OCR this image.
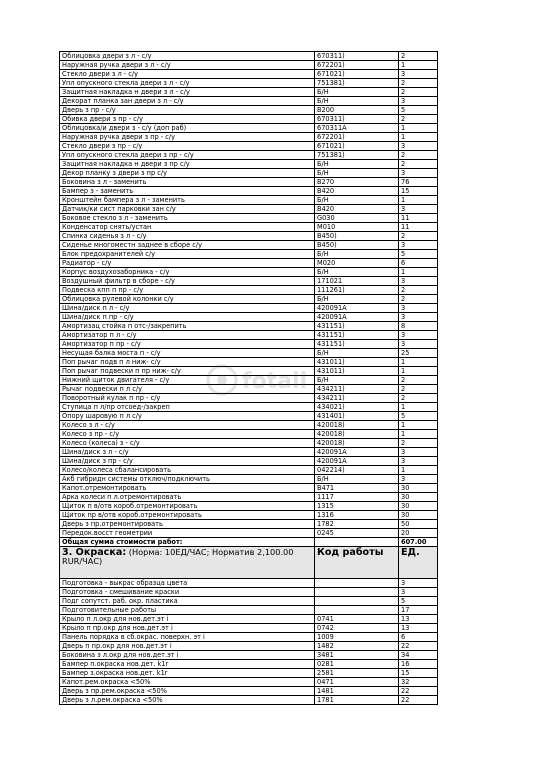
Облицовка двери з л - с/у	670311)	2
Наружная ручка двери з л - с/у	672201)	1
Стекло двери з л - с/у	671021)	3
Упл опускного стекла двери з л - с/у	751381)	2
Защитная накладка н двери з л - с/у	Б/Н	2
Декорат планка зан двери з л - с/у	Б/Н	3
Дверь з пр - с/у	B200	5
Обивка двери з пр - с/у	670311)	2
Облицовка/и двери з - с/у (доп раб)	670311A	1
Наружная ручка двери з пр - с/у	672201)	1
Стекло двери з пр - с/у	671021)	3
Упл опускного стекла двери з пр - с/у	751381)	2
Защитная накладка н двери з пр с/у	Б/Н	2
Декор планку з двери з пр с/у	Б/Н	3
Боковина з л - заменить	B270	76
Бампер з - заменить	B420	15
Кронштейн бампера з л - заменить	Б/Н	1
Датчик/ки сист парковки зан с/у	B420	3
Боковое стекло з л - заменить	G030	11
Конденсатор снять/устан	M010	11
Спинка сиденья з л - с/у	B450)	2
Сиденье многоместн заднее в сборе с/у	B450)	3
Блок предохранителей с/у	Б/Н	5
Радиатор - с/у	M020	6
Корпус воздухозаборника - с/у	Б/Н	1
Воздушный фильтр в сборе - с/у	171021	3
Подвеска кпп п пр - с/у	111261)	2
Облицовка рулевой колонки с/у	Б/Н	2
Шина/диск п л - с/у	420091A	3
Шина/диск п пр - с/у	420091A	3
Амортизац стойка п отс-/закрепить	431151)	8
Амортизатор п л - с/у	431151)	3
Амортизатор п пр - с/у	431151)	3
Несущая балка моста п - с/у	Б/Н	25
Поп рычаг подв п л ниж- с/у	431011)	1
Поп рычаг подвески п пр ниж- с/у	431011)	1
Нижний щиток двигателя - с/у	Б/Н	2
Рычаг подвески п л с/у	434211)	2
Поворотный кулак п пр - с/у	434211)	2
Ступица п л/пр отсоед-/закреп	434021)	1
Опору шаровую п л с/у	431401)	5
Колесо з л - с/у	420018)	1
Колесо з пр - с/у	420018)	1
Колесо (колеса) з - с/у	420018)	2
Шина/диск з л - с/у	420091A	3
Шина/диск з пр - с/у	420091A	3
Колесо/колеса сбалансировать	042214)	1
Акб гибридн системы отключ/подключить	Б/Н	3
Капот.отремонтировать	B471	30
Арка колеси п л.отремонтировать	1117	30
Щиток п в/отв короб.отремонтировать	1315	30
Щиток пр в/отв короб.отремонтировать	1316	30
Дверь з пр.отремонтировать	1782	50
Передок.восст геометрии	0245	20
Общая сумма стоимости работ:		607.00
3. Окраска: (Норма: 10ЕД/ЧАС; Норматив 2,100.00 RUR/ЧАС)	Код работы	ЕД.
Подготовка - выкрас образца цвета		3
Подготовка - смешивание краски		3
Подг сопутст. раб. окр. пластика		5
Подготовительные работы		17
Крыло п л.окр для нов.дет.эт i	0741	13
Крыло п пр.окр для нов.дет.эт i	0742	13
Панель порядка в сб.окрас. поверхн. эт i	1009	6
Дверь п пр.окр для нов.дет.эт i	1482	22
Боковина з л.окр для нов.дет.эт i	3481	34
Бампер п.окраска нов.дет. k1r	0281	16
Бампер з.окраска нов.дет. k1r	2581	15
Капот.рем.окраска <50%	0471	32
Дверь з пр.рем.окраска <50%	1481	22
Дверь з л.рем.окраска <50%	1781	22
fotall
